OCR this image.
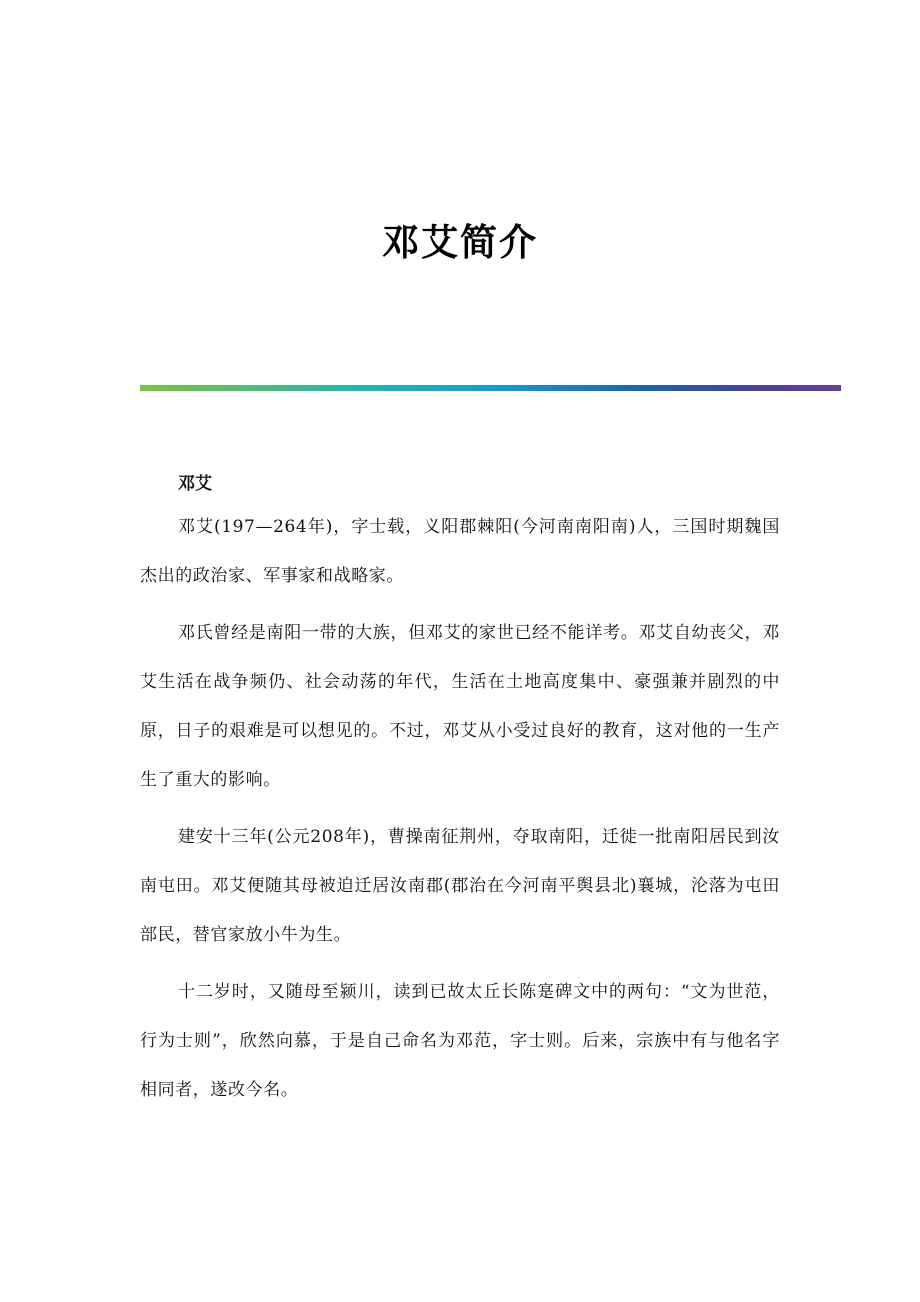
邓艾简介
邓艾

邓艾(197—264年)，字士载，义阳郡棘阳(今河南南阳南)人，三国时期魏国杰出的政治家、军事家和战略家。

邓氏曾经是南阳一带的大族，但邓艾的家世已经不能详考。邓艾自幼丧父，邓艾生活在战争频仍、社会动荡的年代，生活在土地高度集中、豪强兼并剧烈的中原，日子的艰难是可以想见的。不过，邓艾从小受过良好的教育，这对他的一生产生了重大的影响。

建安十三年(公元208年)，曹操南征荆州，夺取南阳，迁徙一批南阳居民到汝南屯田。邓艾便随其母被迫迁居汝南郡(郡治在今河南平舆县北)襄城，沦落为屯田部民，替官家放小牛为生。

十二岁时，又随母至颍川，读到已故太丘长陈寔碑文中的两句：“文为世范，行为士则”，欣然向慕，于是自己命名为邓范，字士则。后来，宗族中有与他名字相同者，遂改今名。
